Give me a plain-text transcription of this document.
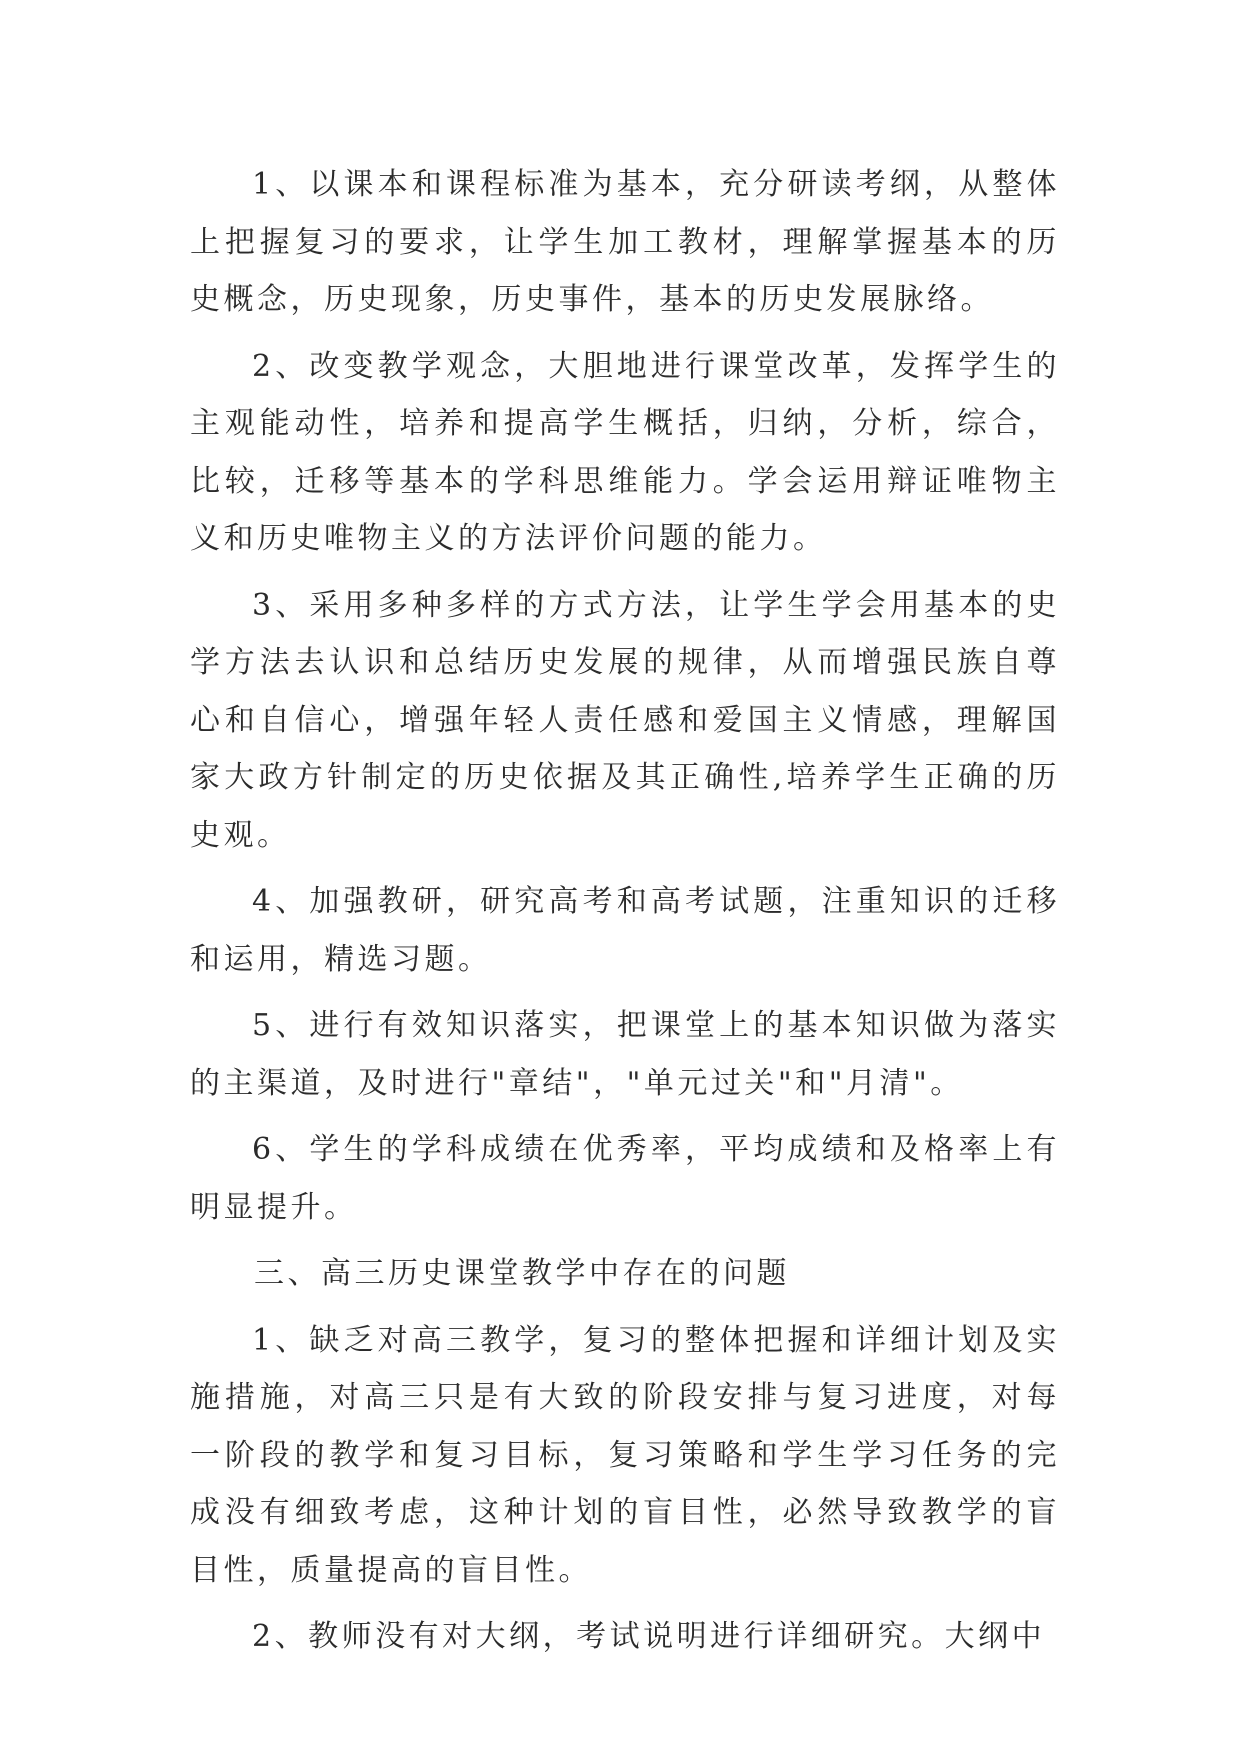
1、以课本和课程标准为基本，充分研读考纲，从整体上把握复习的要求，让学生加工教材，理解掌握基本的历史概念，历史现象，历史事件，基本的历史发展脉络。

2、改变教学观念，大胆地进行课堂改革，发挥学生的主观能动性，培养和提高学生概括，归纳，分析，综合，比较，迁移等基本的学科思维能力。学会运用辩证唯物主义和历史唯物主义的方法评价问题的能力。

3、采用多种多样的方式方法，让学生学会用基本的史学方法去认识和总结历史发展的规律，从而增强民族自尊心和自信心，增强年轻人责任感和爱国主义情感，理解国家大政方针制定的历史依据及其正确性,培养学生正确的历史观。

4、加强教研，研究高考和高考试题，注重知识的迁移和运用，精选习题。

5、进行有效知识落实，把课堂上的基本知识做为落实的主渠道，及时进行"章结"，"单元过关"和"月清"。

6、学生的学科成绩在优秀率，平均成绩和及格率上有明显提升。

三、高三历史课堂教学中存在的问题

1、缺乏对高三教学，复习的整体把握和详细计划及实施措施，对高三只是有大致的阶段安排与复习进度，对每一阶段的教学和复习目标，复习策略和学生学习任务的完成没有细致考虑，这种计划的盲目性，必然导致教学的盲目性，质量提高的盲目性。

2、教师没有对大纲，考试说明进行详细研究。大纲中
